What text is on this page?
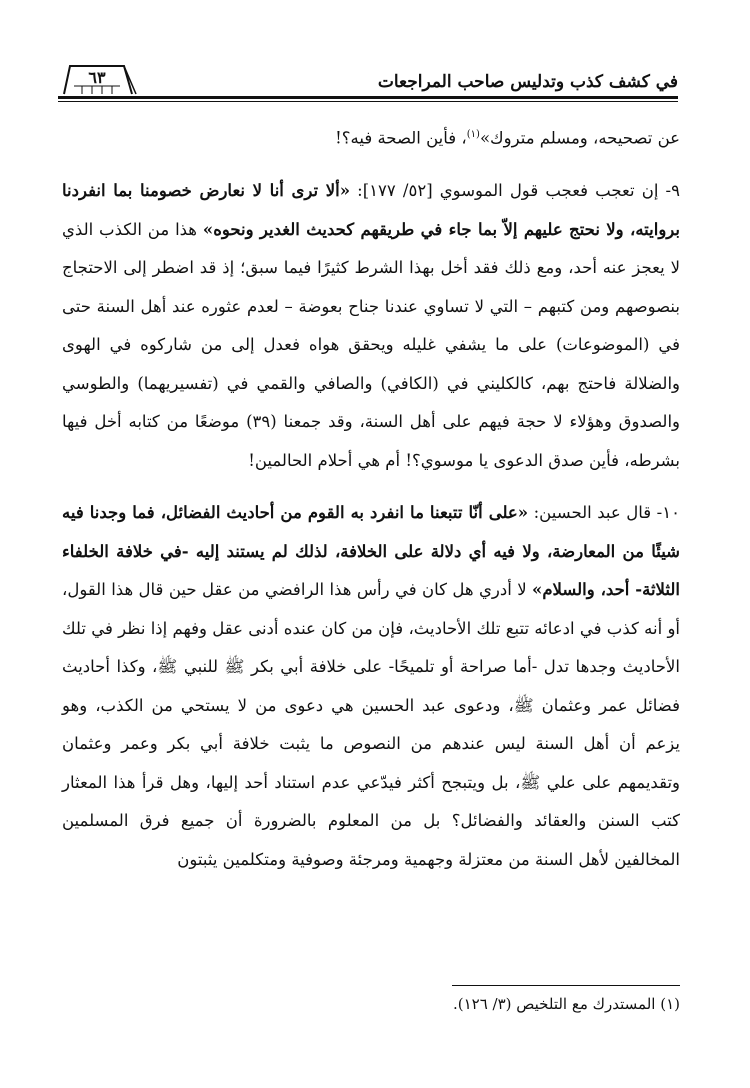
٦٣	في كشف كذب وتدليس صاحب المراجعات

عن تصحيحه، ومسلم متروك»$^{(١)}$، فأين الصحة فيه؟!

٩- إن تعجب فعجب قول الموسوي [٥٢/ ١٧٧]: «ألا ترى أنا لا نعارض خصومنا بما انفردنا بروايته، ولا نحتج عليهم إلاّ بما جاء في طريقهم كحديث الغدير ونحوه» هذا من الكذب الذي لا يعجز عنه أحد، ومع ذلك فقد أخل بهذا الشرط كثيرًا فيما سبق؛ إذ قد اضطر إلى الاحتجاج بنصوصهم ومن كتبهم – التي لا تساوي عندنا جناح بعوضة – لعدم عثوره عند أهل السنة حتى في (الموضوعات) على ما يشفي غليله ويحقق هواه فعدل إلى من شاركوه في الهوى والضلالة فاحتج بهم، كالكليني في (الكافي) والصافي والقمي في (تفسيريهما) والطوسي والصدوق وهؤلاء لا حجة فيهم على أهل السنة، وقد جمعنا (٣٩) موضعًا من كتابه أخل فيها بشرطه، فأين صدق الدعوى يا موسوي؟! أم هي أحلام الحالمين!

١٠- قال عبد الحسين: «على أنّا تتبعنا ما انفرد به القوم من أحاديث الفضائل، فما وجدنا فيه شيئًا من المعارضة، ولا فيه أي دلالة على الخلافة، لذلك لم يستند إليه -في خلافة الخلفاء الثلاثة- أحد، والسلام» لا أدري هل كان في رأس هذا الرافضي من عقل حين قال هذا القول، أو أنه كذب في ادعائه تتبع تلك الأحاديث، فإن من كان عنده أدنى عقل وفهم إذا نظر في تلك الأحاديث وجدها تدل -أما صراحة أو تلميحًا- على خلافة أبي بكر ﷺ للنبي ﷺ، وكذا أحاديث فضائل عمر وعثمان ﷺ، ودعوى عبد الحسين هي دعوى من لا يستحي من الكذب، وهو يزعم أن أهل السنة ليس عندهم من النصوص ما يثبت خلافة أبي بكر وعمر وعثمان وتقديمهم على علي ﷺ، بل ويتبجح أكثر فيدّعي عدم استناد أحد إليها، وهل قرأ هذا المعثار كتب السنن والعقائد والفضائل؟ بل من المعلوم بالضرورة أن جميع فرق المسلمين المخالفين لأهل السنة من معتزلة وجهمية ومرجئة وصوفية ومتكلمين يثبتون

(١) المستدرك مع التلخيص (٣/ ١٢٦).
